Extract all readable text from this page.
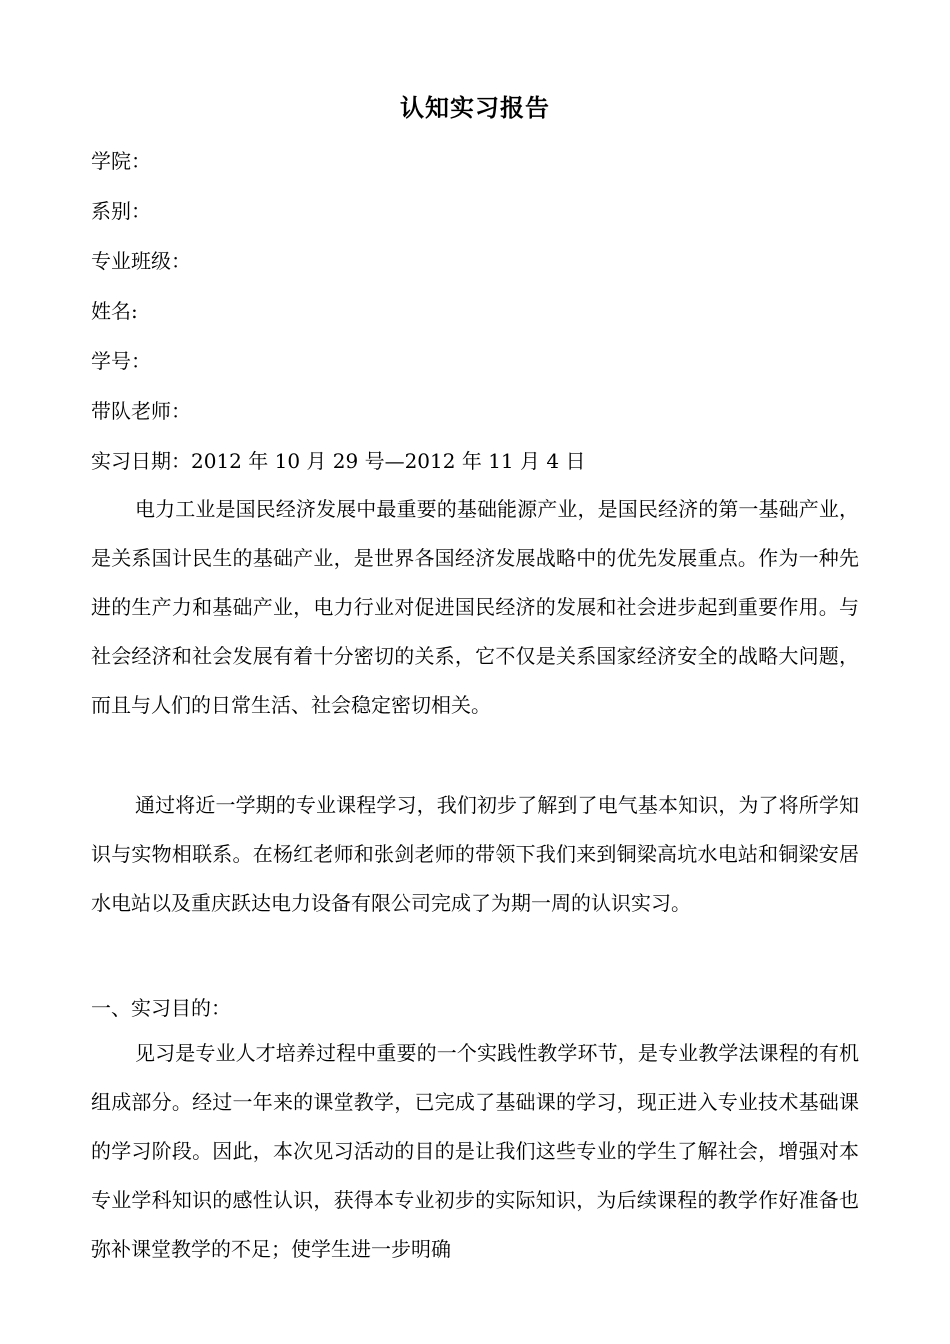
认知实习报告
学院：
系别：
专业班级：
姓名:
学号：
带队老师：
实习日期：2012 年 10 月 29 号—2012 年 11 月 4 日

电力工业是国民经济发展中最重要的基础能源产业，是国民经济的第一基础产业，是关系国计民生的基础产业，是世界各国经济发展战略中的优先发展重点。作为一种先进的生产力和基础产业，电力行业对促进国民经济的发展和社会进步起到重要作用。与社会经济和社会发展有着十分密切的关系，它不仅是关系国家经济安全的战略大问题，而且与人们的日常生活、社会稳定密切相关。

通过将近一学期的专业课程学习，我们初步了解到了电气基本知识，为了将所学知识与实物相联系。在杨红老师和张剑老师的带领下我们来到铜梁高坑水电站和铜梁安居水电站以及重庆跃达电力设备有限公司完成了为期一周的认识实习。

一、实习目的：

见习是专业人才培养过程中重要的一个实践性教学环节，是专业教学法课程的有机组成部分。经过一年来的课堂教学，已完成了基础课的学习，现正进入专业技术基础课的学习阶段。因此，本次见习活动的目的是让我们这些专业的学生了解社会，增强对本专业学科知识的感性认识，获得本专业初步的实际知识，为后续课程的教学作好准备也弥补课堂教学的不足；使学生进一步明确
